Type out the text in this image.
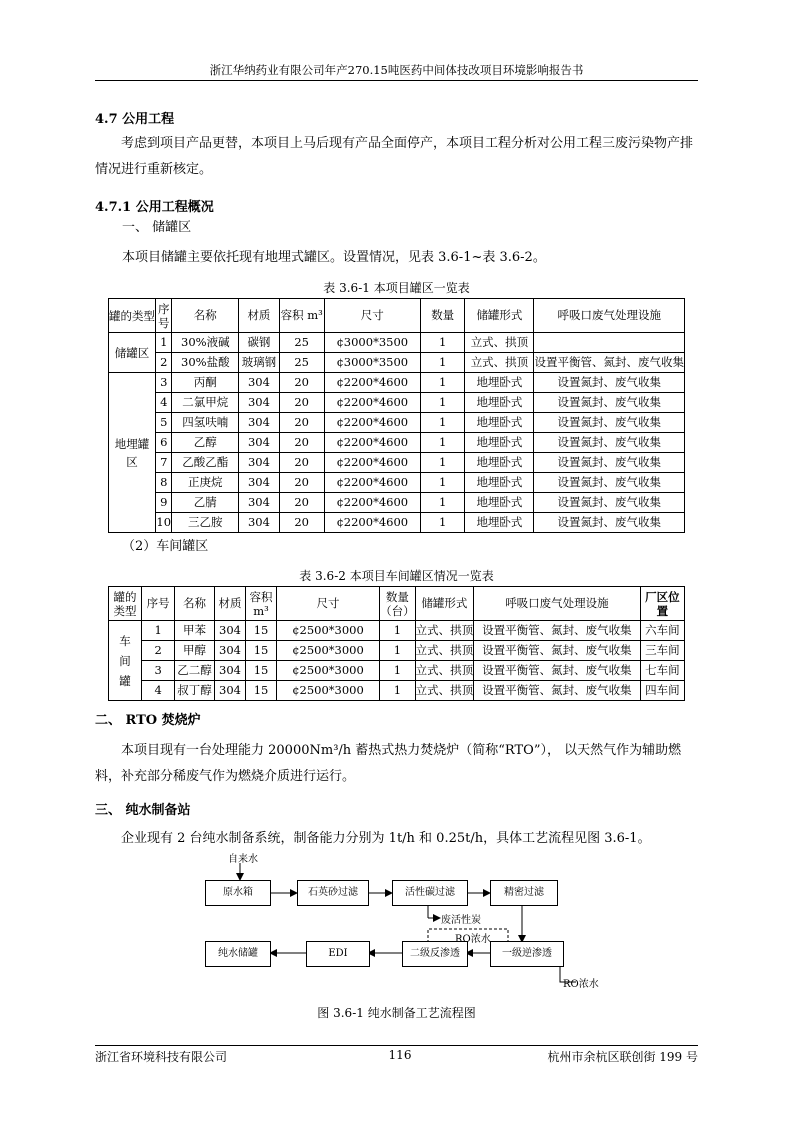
浙江华纳药业有限公司年产270.15吨医药中间体技改项目环境影响报告书
4.7 公用工程
考虑到项目产品更替，本项目上马后现有产品全面停产，本项目工程分析对公用工程三废污染物产排情况进行重新核定。
4.7.1 公用工程概况
一、 储罐区
本项目储罐主要依托现有地埋式罐区。设置情况，见表 3.6-1~表 3.6-2。
表 3.6-1 本项目罐区一览表
罐的类型	序号	名称	材质	容积 m³	尺寸	数量	储罐形式	呼吸口废气处理设施
储罐区	1	30%液碱	碳钢	25	¢3000*3500	1	立式、拱顶	
	2	30%盐酸	玻璃钢	25	¢3000*3500	1	立式、拱顶	设置平衡管、氮封、废气收集
地埋罐区	3	丙酮	304	20	¢2200*4600	1	地埋卧式	设置氮封、废气收集
	4	二氯甲烷	304	20	¢2200*4600	1	地埋卧式	设置氮封、废气收集
	5	四氢呋喃	304	20	¢2200*4600	1	地埋卧式	设置氮封、废气收集
	6	乙醇	304	20	¢2200*4600	1	地埋卧式	设置氮封、废气收集
	7	乙酸乙酯	304	20	¢2200*4600	1	地埋卧式	设置氮封、废气收集
	8	正庚烷	304	20	¢2200*4600	1	地埋卧式	设置氮封、废气收集
	9	乙腈	304	20	¢2200*4600	1	地埋卧式	设置氮封、废气收集
	10	三乙胺	304	20	¢2200*4600	1	地埋卧式	设置氮封、废气收集
（2）车间罐区
表 3.6-2 本项目车间罐区情况一览表
罐的类型	序号	名称	材质	容积 m³	尺寸	数量（台）	储罐形式	呼吸口废气处理设施	厂区位置
车间罐	1	甲苯	304	15	¢2500*3000	1	立式、拱顶	设置平衡管、氮封、废气收集	六车间
	2	甲醇	304	15	¢2500*3000	1	立式、拱顶	设置平衡管、氮封、废气收集	三车间
	3	乙二醇	304	15	¢2500*3000	1	立式、拱顶	设置平衡管、氮封、废气收集	七车间
	4	叔丁醇	304	15	¢2500*3000	1	立式、拱顶	设置平衡管、氮封、废气收集	四车间
二、 RTO 焚烧炉
本项目现有一台处理能力 20000Nm³/h 蓄热式热力焚烧炉（简称“RTO”）， 以天然气作为辅助燃料，补充部分稀废气作为燃烧介质进行运行。
三、 纯水制备站
企业现有 2 台纯水制备系统，制备能力分别为 1t/h 和 0.25t/h，具体工艺流程见图 3.6-1。
自来水
原水箱	石英砂过滤	活性碳过滤	精密过滤
一级逆渗透
二级反渗透
EDI
纯水储罐
废活性炭
RO浓水
RO浓水
图 3.6-1 纯水制备工艺流程图
浙江省环境科技有限公司	116	杭州市余杭区联创街 199 号
